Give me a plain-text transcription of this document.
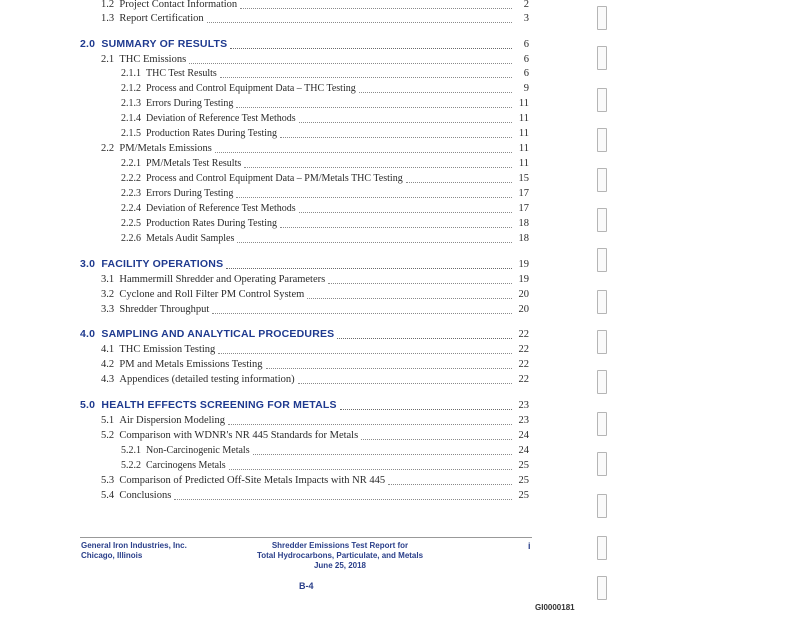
1.2  Project Contact Information	2
1.3  Report Certification	3
2.0  SUMMARY OF RESULTS	6
2.1  THC Emissions	6
2.1.1  THC Test Results	6
2.1.2  Process and Control Equipment Data – THC Testing	9
2.1.3  Errors During Testing	11
2.1.4  Deviation of Reference Test Methods	11
2.1.5  Production Rates During Testing	11
2.2  PM/Metals Emissions	11
2.2.1  PM/Metals Test Results	11
2.2.2  Process and Control Equipment Data – PM/Metals THC Testing	15
2.2.3  Errors During Testing	17
2.2.4  Deviation of Reference Test Methods	17
2.2.5  Production Rates During Testing	18
2.2.6  Metals Audit Samples	18
3.0  FACILITY OPERATIONS	19
3.1  Hammermill Shredder and Operating Parameters	19
3.2  Cyclone and Roll Filter PM Control System	20
3.3  Shredder Throughput	20
4.0  SAMPLING AND ANALYTICAL PROCEDURES	22
4.1  THC Emission Testing	22
4.2  PM and Metals Emissions Testing	22
4.3  Appendices (detailed testing information)	22
5.0  HEALTH EFFECTS SCREENING FOR METALS	23
5.1  Air Dispersion Modeling	23
5.2  Comparison with WDNR's NR 445 Standards for Metals	24
5.2.1  Non-Carcinogenic Metals	24
5.2.2  Carcinogens Metals	25
5.3  Comparison of Predicted Off-Site Metals Impacts with NR 445	25
5.4  Conclusions	25
General Iron Industries, Inc.
Chicago, Illinois
Shredder Emissions Test Report for
Total Hydrocarbons, Particulate, and Metals
June 25, 2018
i
B-4
GI0000181
